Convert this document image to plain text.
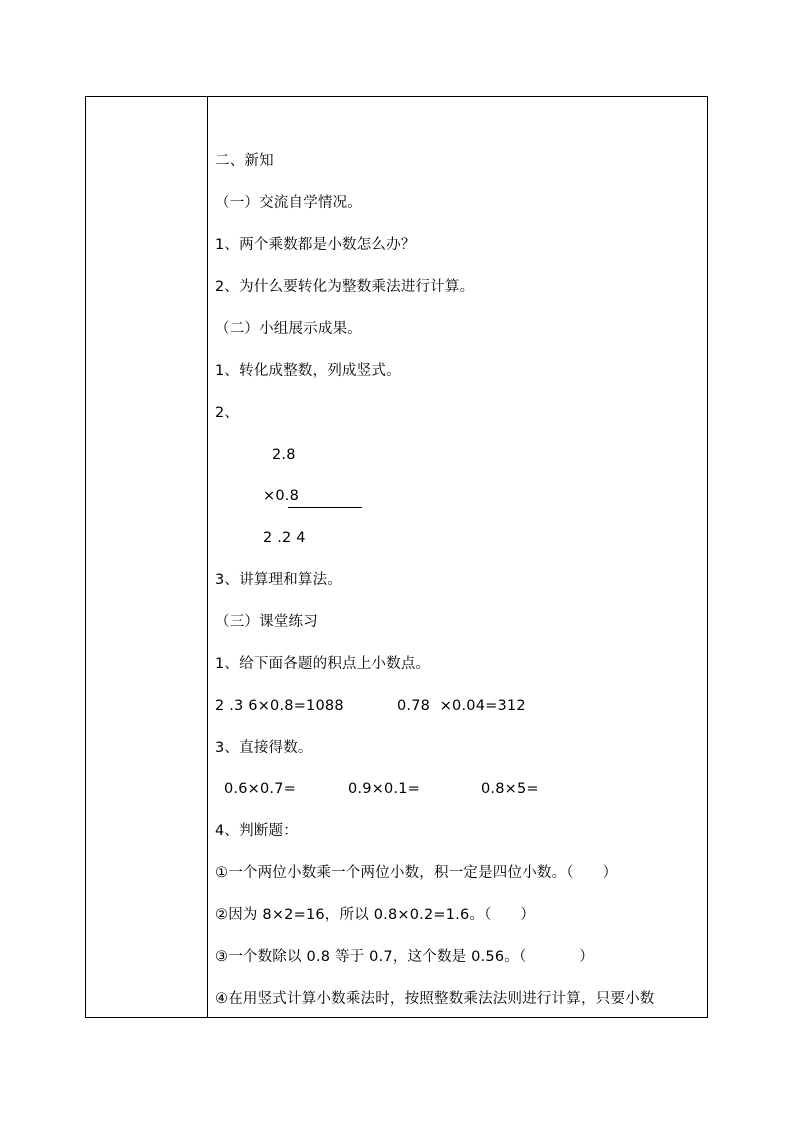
二、新知
（一）交流自学情况。
1、两个乘数都是小数怎么办？
2、为什么要转化为整数乘法进行计算。
（二）小组展示成果。
1、转化成整数，列成竖式。
2、
2.8
×0.8
2 .2 4
3、讲算理和算法。
（三）课堂练习
1、给下面各题的积点上小数点。
2 .3 6×0.8=1088	0.78  ×0.04=312
3、直接得数。
0.6×0.7=	0.9×0.1=	0.8×5=
4、判断题：
①一个两位小数乘一个两位小数，积一定是四位小数。（      ）
②因为 8×2=16，所以 0.8×0.2=1.6。（      ）
③一个数除以 0.8 等于 0.7，这个数是 0.56。（           ）
④在用竖式计算小数乘法时，按照整数乘法法则进行计算，只要小数
